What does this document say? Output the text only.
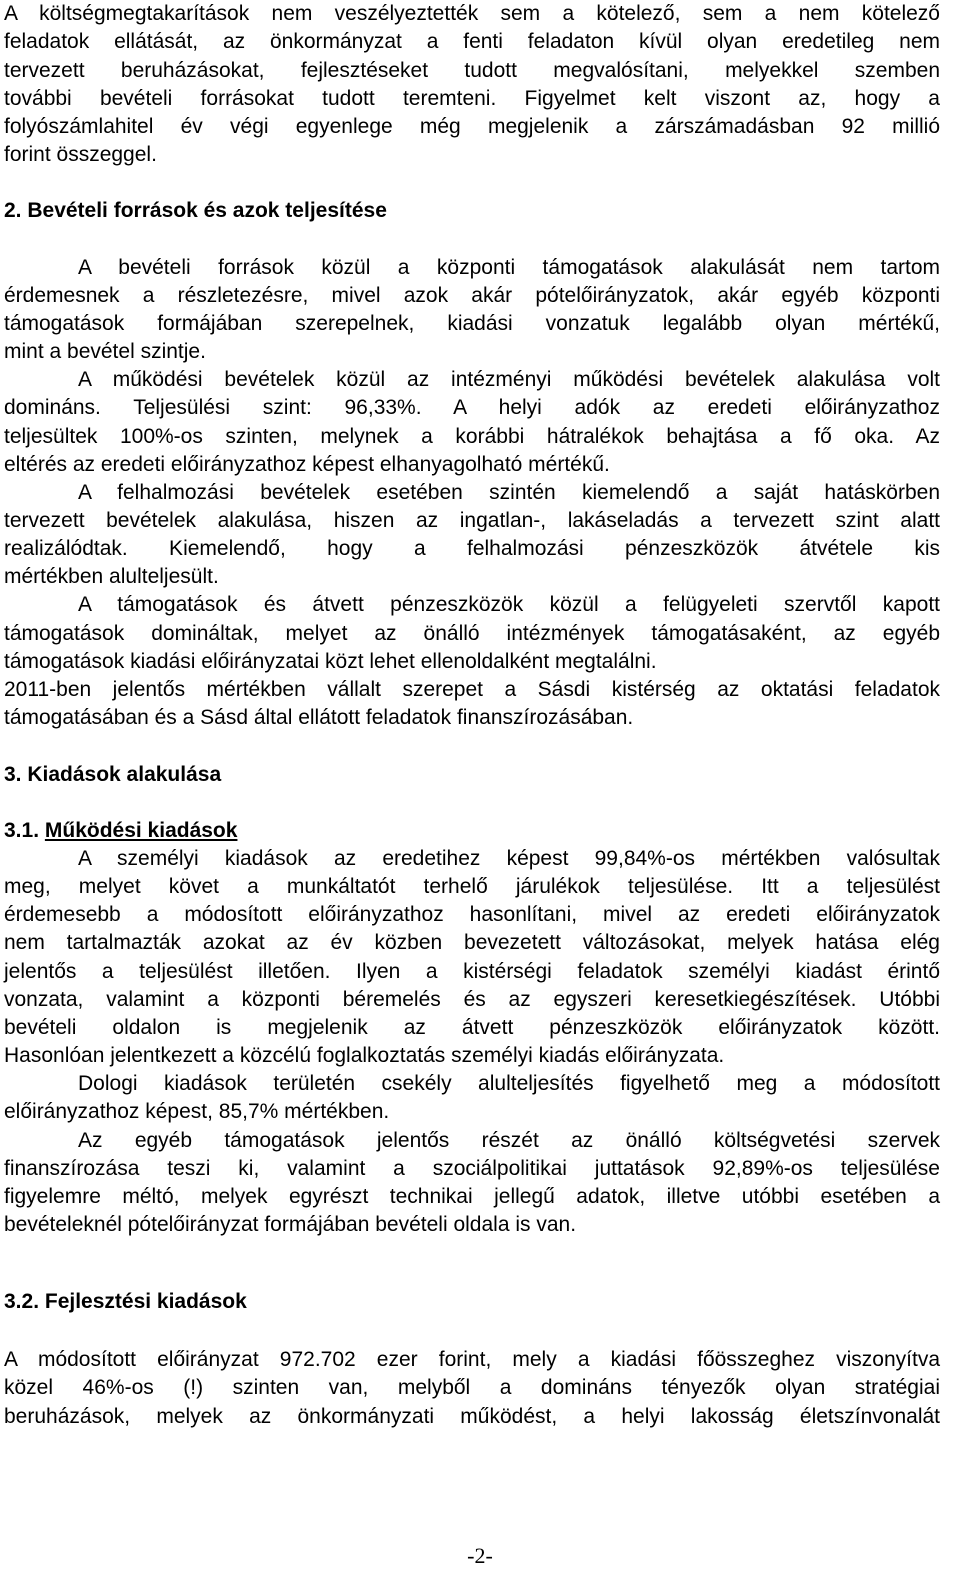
A költségmegtakarítások nem veszélyeztették sem a kötelező, sem a nem kötelező
feladatok ellátását, az önkormányzat a fenti feladaton kívül olyan eredetileg nem
tervezett beruházásokat, fejlesztéseket tudott megvalósítani, melyekkel szemben
további bevételi forrásokat tudott teremteni. Figyelmet kelt viszont az, hogy a
folyószámlahitel év végi egyenlege még megjelenik a zárszámadásban 92 millió
forint összeggel.
2. Bevételi források és azok teljesítése
A bevételi források közül a központi támogatások alakulását nem tartom
érdemesnek a részletezésre, mivel azok akár pótelőirányzatok, akár egyéb központi
támogatások formájában szerepelnek, kiadási vonzatuk legalább olyan mértékű,
mint a bevétel szintje.
A működési bevételek közül az intézményi működési bevételek alakulása volt
domináns. Teljesülési szint: 96,33%. A helyi adók az eredeti előirányzathoz
teljesültek 100%-os szinten, melynek a korábbi hátralékok behajtása a fő oka. Az
eltérés az eredeti előirányzathoz képest elhanyagolható mértékű.
A felhalmozási bevételek esetében szintén kiemelendő a saját hatáskörben
tervezett bevételek alakulása, hiszen az ingatlan-, lakáseladás a tervezett szint alatt
realizálódtak. Kiemelendő, hogy a felhalmozási pénzeszközök átvétele kis
mértékben alulteljesült.
A támogatások és átvett pénzeszközök közül a felügyeleti szervtől kapott
támogatások domináltak, melyet az önálló intézmények támogatásaként, az egyéb
támogatások kiadási előirányzatai közt lehet ellenoldalként megtalálni.
2011-ben jelentős mértékben vállalt szerepet a Sásdi kistérség az oktatási feladatok
támogatásában és a Sásd által ellátott feladatok finanszírozásában.
3. Kiadások alakulása
3.1. Működési kiadások
A személyi kiadások az eredetihez képest 99,84%-os mértékben valósultak
meg, melyet követ a munkáltatót terhelő járulékok teljesülése. Itt a teljesülést
érdemesebb a módosított előirányzathoz hasonlítani, mivel az eredeti előirányzatok
nem tartalmazták azokat az év közben bevezetett változásokat, melyek hatása elég
jelentős a teljesülést illetően. Ilyen a kistérségi feladatok személyi kiadást érintő
vonzata, valamint a központi béremelés és az egyszeri keresetkiegészítések. Utóbbi
bevételi oldalon is megjelenik az átvett pénzeszközök előirányzatok között.
Hasonlóan jelentkezett a közcélú foglalkoztatás személyi kiadás előirányzata.
Dologi kiadások területén csekély alulteljesítés figyelhető meg a módosított
előirányzathoz képest, 85,7% mértékben.
Az egyéb támogatások jelentős részét az önálló költségvetési szervek
finanszírozása teszi ki, valamint a szociálpolitikai juttatások 92,89%-os teljesülése
figyelemre méltó, melyek egyrészt technikai jellegű adatok, illetve utóbbi esetében a
bevételeknél pótelőirányzat formájában bevételi oldala is van.
3.2. Fejlesztési kiadások
A módosított előirányzat 972.702 ezer forint, mely a kiadási főösszeghez viszonyítva
közel 46%-os (!) szinten van, melyből a domináns tényezők olyan stratégiai
beruházások, melyek az önkormányzati működést, a helyi lakosság életszínvonalát
-2-
